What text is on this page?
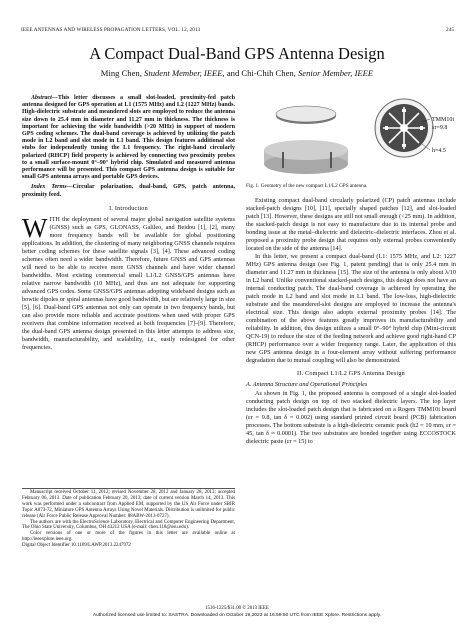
IEEE ANTENNAS AND WIRELESS PROPAGATION LETTERS, VOL. 12, 2013	245
A Compact Dual-Band GPS Antenna Design
Ming Chen, Student Member, IEEE, and Chi-Chih Chen, Senior Member, IEEE

Abstract—This letter discusses a small slot-loaded, proximity-fed patch antenna designed for GPS operation at L1 (1575 MHz) and L2 (1227 MHz) bands. High-dielectric substrate and meandered slots are employed to reduce the antenna size down to 25.4 mm in diameter and 11.27 mm in thickness. The thickness is important for achieving the wide bandwidth (>20 MHz) in support of modern GPS coding schemes. The dual-band coverage is achieved by utilizing the patch mode in L2 band and slot mode in L1 band. This design features additional slot stubs for independently tuning the L1 frequency. The right-hand circularly polarized (RHCP) field property is achieved by connecting two proximity probes to a small surface-mount 0°–90° hybrid chip. Simulated and measured antenna performance will be presented. This compact GPS antenna design is suitable for small GPS antenna arrays and portable GPS devices.

Index Terms—Circular polarization, dual-band, GPS, patch antenna, proximity feed.

I. Introduction

WITH the deployment of several major global navigation satellite systems (GNSS) such as GPS, GLONASS, Galileo, and Beidou [1], [2], many more frequency bands will be available for global positioning applications. In addition, the clustering of many neighboring GNSS channels requires better coding schemes for these satellite signals [3], [4]. These advanced coding schemes often need a wider bandwidth. Therefore, future GNSS and GPS antennas will need to be able to receive more GNSS channels and have wider channel bandwidths. Most existing commercial small L1/L2 GNSS/GPS antennas have relative narrow bandwidth (10 MHz), and thus are not adequate for supporting advanced GPS codes. Some GNSS/GPS antennas adopting wideband designs such as bowtie dipoles or spiral antennas have good bandwidth, but are relatively large in size [5], [6]. Dual-band GPS antennas not only can operate in two frequency bands, but can also provide more reliable and accurate positions when used with proper GPS receivers that combine information received at both frequencies [7]–[9]. Therefore, the dual-band GPS antenna design presented in this letter attempts to address size, bandwidth, manufacturability, and scalability, i.e., easily redesigned for other frequencies.

Manuscript received October 11, 2012; revised November 28, 2012 and January 28, 2013; accepted February 06, 2013. Date of publication February 20, 2013; date of current version March 14, 2013. This work was performed under a subcontract from Applied EM, supported by the US Air Force under SBIR Topic A073-72, Miniature GPS Antenna Arrays Using Novel Materials. Distribution is unlimited for public release (Air Force Public Release Approval Number: 88ABW-2013-0727).

The authors are with the ElectroScience Laboratory, Electrical and Computer Engineering Department, The Ohio State University, Columbus, OH 43212 USA (e-mail: chen.118@osu.edu).

Color versions of one or more of the figures in this letter are available online at http://ieeexplore.ieee.org.

Digital Object Identifier 10.1109/LAWP.2013.2247972

TMM10i
εr=9.8
h=4.5
Fig. 1. Geometry of the new compact L1/L2 GPS antenna.

Existing compact dual-band circularly polarized (CP) patch antennas include stacked-patch designs [10], [11], specially shaped patches [12], and slot-loaded patch [13]. However, these designs are still not small enough (<25 mm). In addition, the stacked-patch design is not easy to manufacture due to its internal probe and bonding issue at the metal–dielectric and dielectric–dielectric interfaces. Zhou et al. proposed a proximity probe design that requires only external probes conveniently located on the side of the antenna [14].

In this letter, we present a compact dual-band (L1: 1575 MHz, and L2: 1227 MHz) GPS antenna design (see Fig. 1, patent pending) that is only 25.4 mm in diameter and 11.27 mm in thickness [15]. The size of the antenna is only about λ/10 in L2 band. Unlike conventional stacked-patch designs, this design does not have an internal conducting patch. The dual-band coverage is achieved by operating the patch mode in L2 band and slot mode in L1 band. The low-loss, high-dielectric substrate and the meandered-slot designs are employed to increase the antenna's electrical size. This design also adopts external proximity probes [14]. The combination of the above features greatly improves its manufacturability and reliability. In addition, this design utilizes a small 0°–90° hybrid chip (Mini-circuit QCN-19) to reduce the size of the feeding network and achieve good right-hand CP (RHCP) performance over a wider frequency range. Later, the application of this new GPS antenna design in a four-element array without suffering performance degradation due to mutual coupling will also be demonstrated.

II. Compact L1/L2 GPS Antenna Design
A. Antenna Structure and Operational Principles

As shown in Fig. 1, the proposed antenna is composed of a single slot-loaded conducting patch design on top of two stacked dielectric layers. The top layer includes the slot-loaded patch design that is fabricated on a Rogers TMM10i board (εr = 9.8, tan δ = 0.002) using standard printed circuit board (PCB) fabrication processes. The bottom substrate is a high-dielectric ceramic puck (h2 = 10 mm, εr = 45, tan δ ≈ 0.0001). The two substrates are bonded together using ECCOSTOCK dielectric paste (εr = 15) to

1536-1225/$31.00 © 2013 IEEE
Authorized licensed use limited to: SASTRA. Downloaded on October 19,2023 at 16:59:50 UTC from IEEE Xplore. Restrictions apply.
